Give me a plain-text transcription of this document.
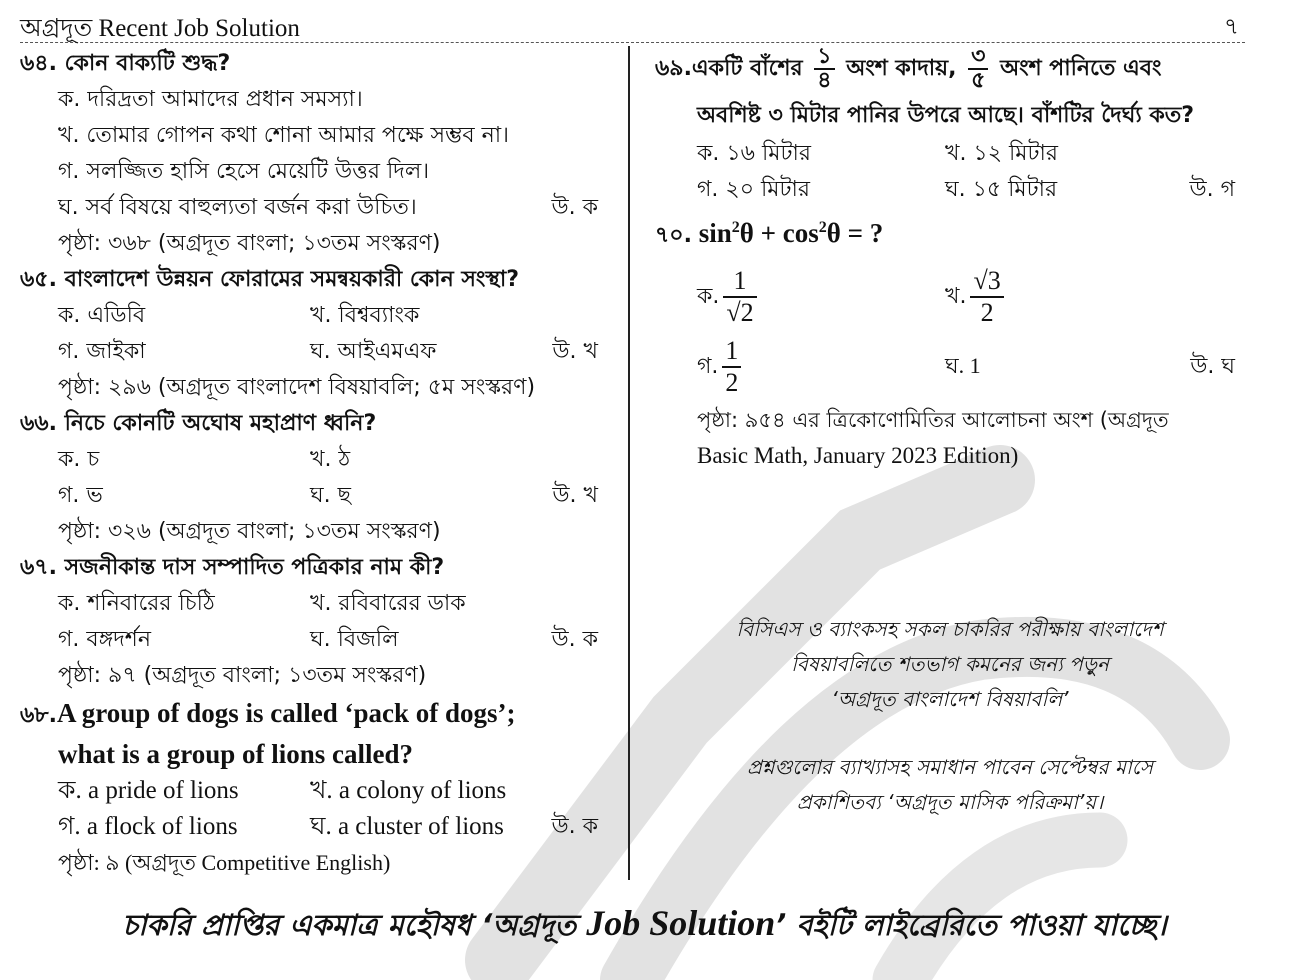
অগ্রদূত Recent Job Solution	৭
৬৪. কোন বাক্যটি শুদ্ধ?
ক. দরিদ্রতা আমাদের প্রধান সমস্যা।
খ. তোমার গোপন কথা শোনা আমার পক্ষে সম্ভব না।
গ. সলজ্জিত হাসি হেসে মেয়েটি উত্তর দিল।
ঘ. সর্ব বিষয়ে বাহুল্যতা বর্জন করা উচিত।	উ. ক
পৃষ্ঠা: ৩৬৮ (অগ্রদূত বাংলা; ১৩তম সংস্করণ)
৬৫. বাংলাদেশ উন্নয়ন ফোরামের সমন্বয়কারী কোন সংস্থা?
ক. এডিবি	খ. বিশ্বব্যাংক
গ. জাইকা	ঘ. আইএমএফ	উ. খ
পৃষ্ঠা: ২৯৬ (অগ্রদূত বাংলাদেশ বিষয়াবলি; ৫ম সংস্করণ)
৬৬. নিচে কোনটি অঘোষ মহাপ্রাণ ধ্বনি?
ক. চ	খ. ঠ
গ. ভ	ঘ. ছ	উ. খ
পৃষ্ঠা: ৩২৬ (অগ্রদূত বাংলা; ১৩তম সংস্করণ)
৬৭. সজনীকান্ত দাস সম্পাদিত পত্রিকার নাম কী?
ক. শনিবারের চিঠি	খ. রবিবারের ডাক
গ. বঙ্গদর্শন	ঘ. বিজলি	উ. ক
পৃষ্ঠা: ৯৭ (অগ্রদূত বাংলা; ১৩তম সংস্করণ)
৬৮.A group of dogs is called ‘pack of dogs’;
what is a group of lions called?
ক. a pride of lions	খ. a colony of lions
গ. a flock of lions	ঘ. a cluster of lions উ. ক
পৃষ্ঠা: ৯ (অগ্রদূত Competitive English)
৬৯.একটি বাঁশের $\frac{১}{৪}$ অংশ কাদায়, $\frac{৩}{৫}$ অংশ পানিতে এবং
অবশিষ্ট ৩ মিটার পানির উপরে আছে। বাঁশটির দৈর্ঘ্য কত?
ক. ১৬ মিটার	খ. ১২ মিটার
গ. ২০ মিটার	ঘ. ১৫ মিটার	উ. গ
৭০. $\sin^2\theta + \cos^2\theta$ = ?
ক. $\frac{1}{√2}$	খ. $\frac{√3}{2}$
গ. $\frac{1}{2}$	ঘ. 1	উ. ঘ
পৃষ্ঠা: ৯৫৪ এর ত্রিকোণোমিতির আলোচনা অংশ (অগ্রদূত
Basic Math, January 2023 Edition)
বিসিএস ও ব্যাংকসহ সকল চাকরির পরীক্ষায় বাংলাদেশ
বিষয়াবলিতে শতভাগ কমনের জন্য পড়ুন
‘অগ্রদূত বাংলাদেশ বিষয়াবলি’
প্রশ্নগুলোর ব্যাখ্যাসহ সমাধান পাবেন সেপ্টেম্বর মাসে
প্রকাশিতব্য ‘অগ্রদূত মাসিক পরিক্রমা’য়।
চাকরি প্রাপ্তির একমাত্র মহৌষধ ‘অগ্রদূত Job Solution’ বইটি লাইব্রেরিতে পাওয়া যাচ্ছে।
